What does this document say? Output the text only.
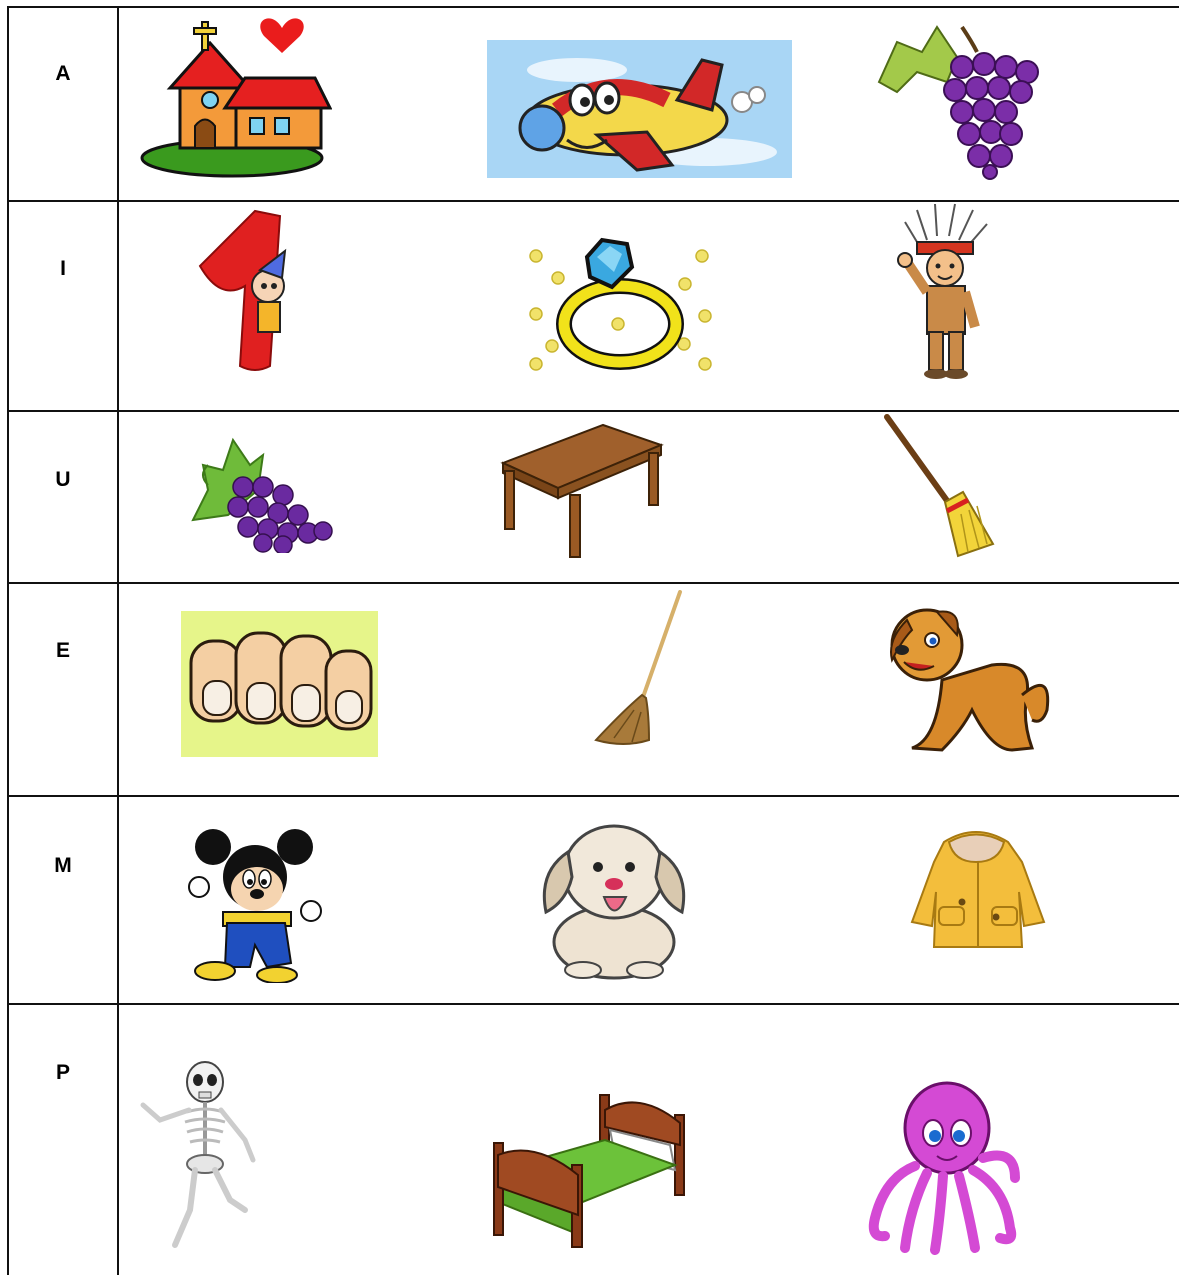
A
I
U
E
M
P
